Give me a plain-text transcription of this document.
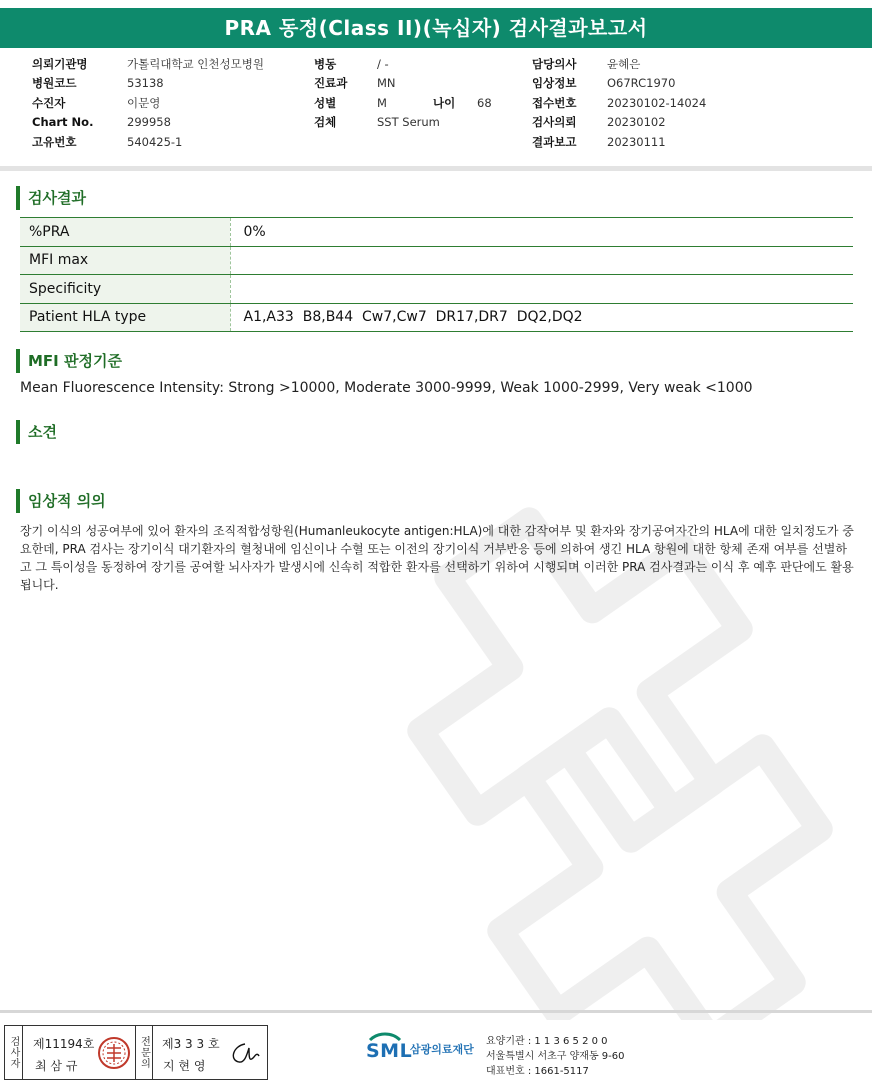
PRA 동정(Class II)(녹십자) 검사결과보고서
의뢰기관명	가톨릭대학교 인천성모병원
병원코드	53138
수진자	이문영
Chart No.	299958
고유번호	540425-1
병동	/ -
진료과	MN
성별	M	나이	68
검체	SST Serum
담당의사	윤혜은
임상정보	O67RC1970
접수번호	20230102-14024
검사의뢰	20230102
결과보고	20230111
검사결과
%PRA	0%
MFI max	
Specificity	
Patient HLA type	A1,A33  B8,B44  Cw7,Cw7  DR17,DR7  DQ2,DQ2
MFI 판정기준
Mean Fluorescence Intensity: Strong >10000, Moderate 3000-9999, Weak 1000-2999, Very weak <1000
소견
임상적 의의
장기 이식의 성공여부에 있어 환자의 조직적합성항원(Humanleukocyte antigen:HLA)에 대한 감작여부 및 환자와 장기공여자간의 HLA에 대한 일치정도가 중요한데, PRA 검사는 장기이식 대기환자의 혈청내에 임신이나 수혈 또는 이전의 장기이식 거부반응 등에 의하여 생긴 HLA 항원에 대한 항체 존재 여부를 선별하고 그 특이성을 동정하여 장기를 공여할 뇌사자가 발생시에 신속히 적합한 환자를 선택하기 위하여 시행되며 이러한 PRA 검사결과는 이식 후 예후 판단에도 활용됩니다.
검사자 제11194호
최 삼 규	전문의 제3 3 3 호
지 현 영
SML
삼광의료재단
요양기관 : 1 1 3 6 5 2 0 0
서울특별시 서초구 양재동 9-60
대표번호 : 1661-5117
